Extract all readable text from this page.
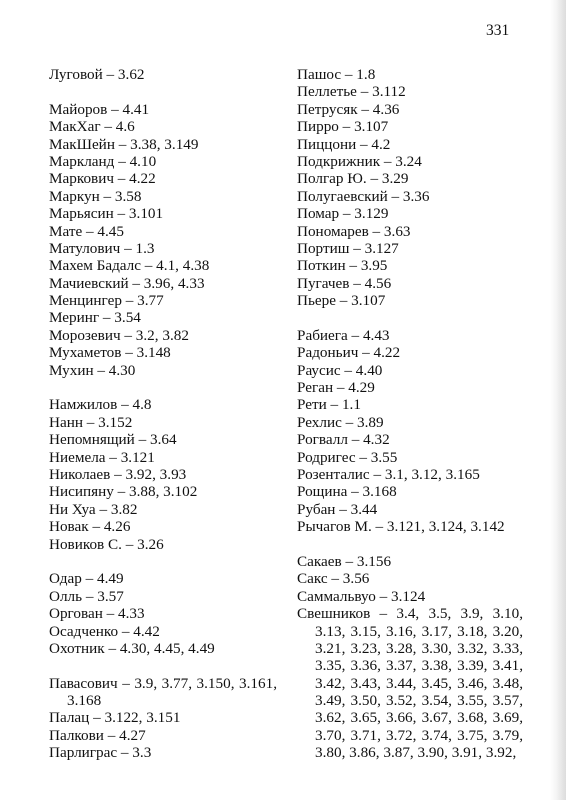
331
Луговой – 3.62
Майоров – 4.41
МакХаг – 4.6
МакШейн – 3.38, 3.149
Маркланд – 4.10
Маркович – 4.22
Маркун – 3.58
Марьясин – 3.101
Мате – 4.45
Матулович – 1.3
Махем Бадалс – 4.1, 4.38
Мачиевский – 3.96, 4.33
Менцингер – 3.77
Меринг – 3.54
Морозевич – 3.2, 3.82
Мухаметов – 3.148
Мухин – 4.30
Намжилов – 4.8
Нанн – 3.152
Непомнящий – 3.64
Ниемела – 3.121
Николаев – 3.92, 3.93
Нисипяну – 3.88, 3.102
Ни Хуа – 3.82
Новак – 4.26
Новиков С. – 3.26
Одар – 4.49
Олль – 3.57
Оргован – 4.33
Осадченко – 4.42
Охотник – 4.30, 4.45, 4.49
Павасович – 3.9, 3.77, 3.150, 3.161,
3.168
Палац – 3.122, 3.151
Палкови – 4.27
Парлиграс – 3.3
Пашос – 1.8
Пеллетье – 3.112
Петрусяк – 4.36
Пирро – 3.107
Пиццони – 4.2
Подкрижник – 3.24
Полгар Ю. – 3.29
Полугаевский – 3.36
Помар – 3.129
Пономарев – 3.63
Портиш – 3.127
Поткин – 3.95
Пугачев – 4.56
Пьере – 3.107
Рабиега – 4.43
Радоньич – 4.22
Раусис – 4.40
Реган – 4.29
Рети – 1.1
Рехлис – 3.89
Рогвалл – 4.32
Родригес – 3.55
Розенталис – 3.1, 3.12, 3.165
Рощина – 3.168
Рубан – 3.44
Рычагов М. – 3.121, 3.124, 3.142
Сакаев – 3.156
Сакс – 3.56
Саммальвуо – 3.124
Свешников – 3.4, 3.5, 3.9, 3.10,
3.13, 3.15, 3.16, 3.17, 3.18, 3.20,
3.21, 3.23, 3.28, 3.30, 3.32, 3.33,
3.35, 3.36, 3.37, 3.38, 3.39, 3.41,
3.42, 3.43, 3.44, 3.45, 3.46, 3.48,
3.49, 3.50, 3.52, 3.54, 3.55, 3.57,
3.62, 3.65, 3.66, 3.67, 3.68, 3.69,
3.70, 3.71, 3.72, 3.74, 3.75, 3.79,
3.80, 3.86, 3.87, 3.90, 3.91, 3.92,
